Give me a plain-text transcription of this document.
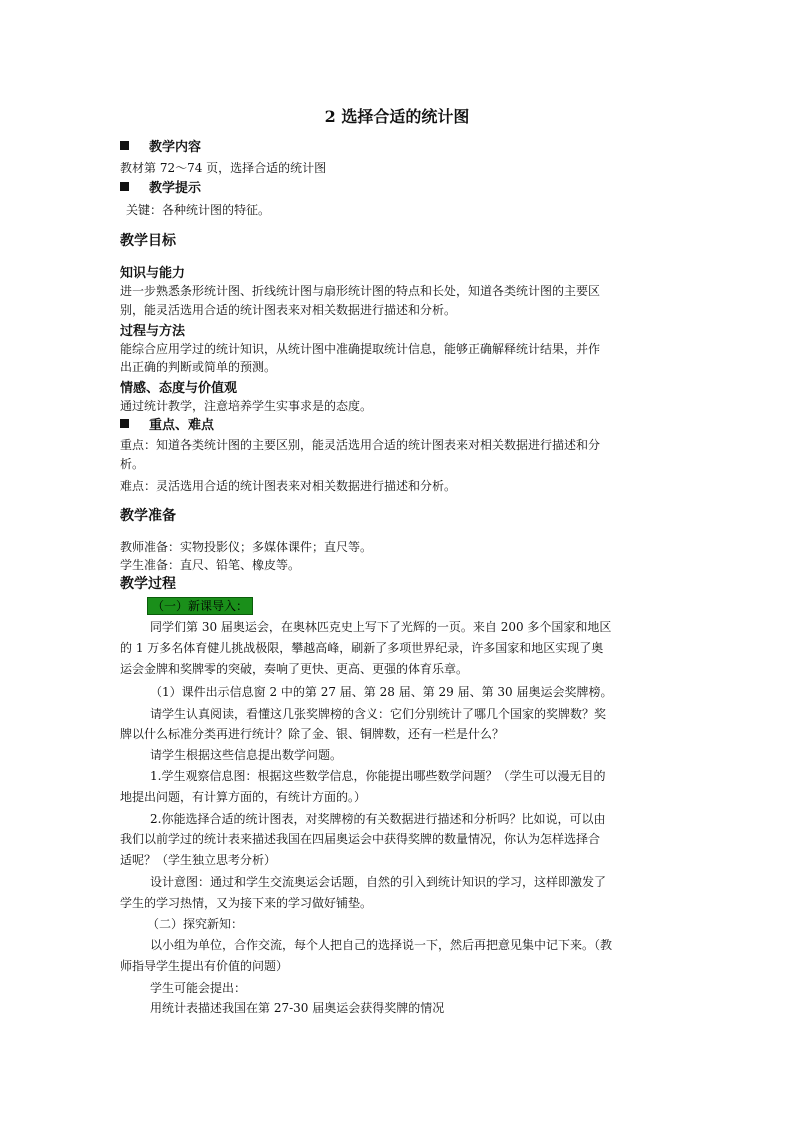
2 选择合适的统计图
教学内容
教材第 72～74 页，选择合适的统计图
教学提示
关键：各种统计图的特征。
教学目标
知识与能力
进一步熟悉条形统计图、折线统计图与扇形统计图的特点和长处，知道各类统计图的主要区
别，能灵活选用合适的统计图表来对相关数据进行描述和分析。
过程与方法
能综合应用学过的统计知识，从统计图中准确提取统计信息，能够正确解释统计结果，并作
出正确的判断或简单的预测。
情感、态度与价值观
通过统计教学，注意培养学生实事求是的态度。
重点、难点
重点：知道各类统计图的主要区别，能灵活选用合适的统计图表来对相关数据进行描述和分
析。
难点：灵活选用合适的统计图表来对相关数据进行描述和分析。
教学准备
教师准备：实物投影仪；多媒体课件；直尺等。
学生准备：直尺、铅笔、橡皮等。
教学过程
（一）新课导入：
同学们第 30 届奥运会，在奥林匹克史上写下了光辉的一页。来自 200 多个国家和地区
的 1 万多名体育健儿挑战极限，攀越高峰，刷新了多项世界纪录，许多国家和地区实现了奥
运会金牌和奖牌零的突破，奏响了更快、更高、更强的体育乐章。
（1）课件出示信息窗 2 中的第 27 届、第 28 届、第 29 届、第 30 届奥运会奖牌榜。
请学生认真阅读，看懂这几张奖牌榜的含义：它们分别统计了哪几个国家的奖牌数？奖
牌以什么标准分类再进行统计？除了金、银、铜牌数，还有一栏是什么？
请学生根据这些信息提出数学问题。
1.学生观察信息图：根据这些数学信息，你能提出哪些数学问题？（学生可以漫无目的
地提出问题，有计算方面的，有统计方面的。）
2.你能选择合适的统计图表，对奖牌榜的有关数据进行描述和分析吗？比如说，可以由
我们以前学过的统计表来描述我国在四届奥运会中获得奖牌的数量情况，你认为怎样选择合
适呢？（学生独立思考分析）
设计意图：通过和学生交流奥运会话题，自然的引入到统计知识的学习，这样即激发了
学生的学习热情，又为接下来的学习做好铺垫。
（二）探究新知：
以小组为单位，合作交流，每个人把自己的选择说一下，然后再把意见集中记下来。（教
师指导学生提出有价值的问题）
学生可能会提出：
用统计表描述我国在第 27-30 届奥运会获得奖牌的情况
